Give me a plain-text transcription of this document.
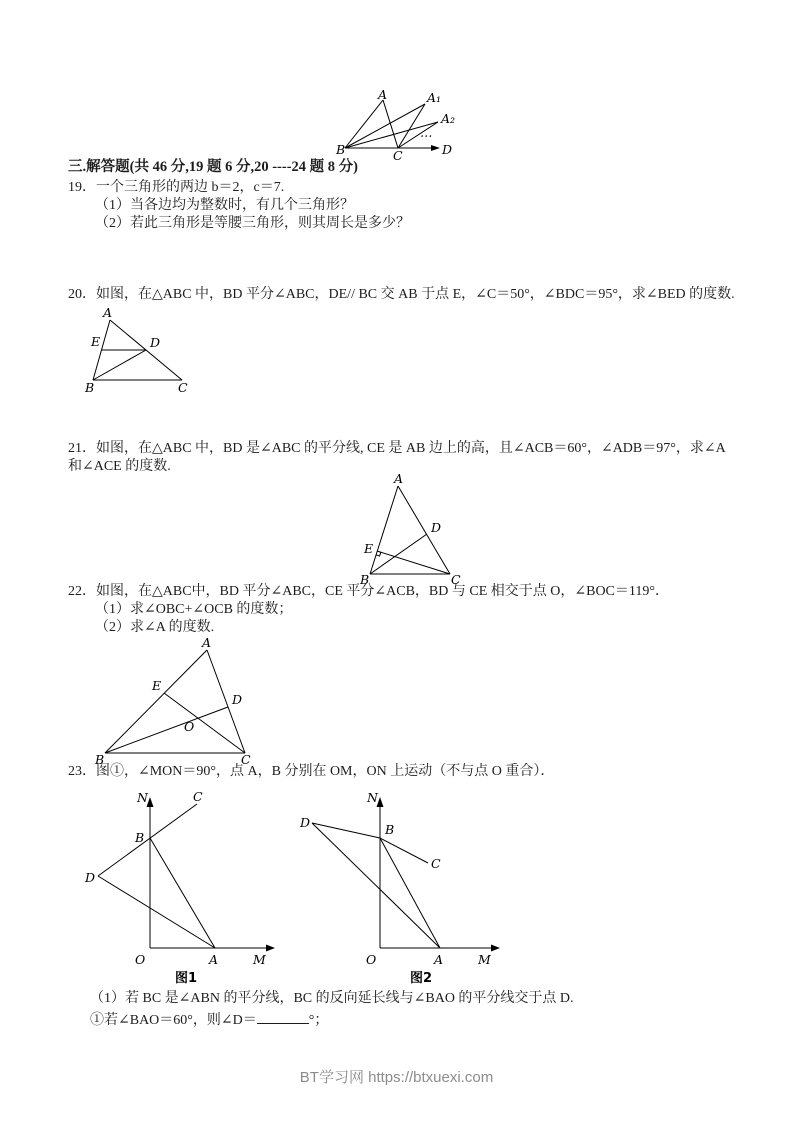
A	A₁
A₂
B	C	D
⋯
三.解答题(共 46 分,19 题 6 分,20 ----24 题 8 分)
19．一个三角形的两边 b＝2，c＝7.
（1）当各边均为整数时，有几个三角形？
（2）若此三角形是等腰三角形，则其周长是多少？
20．如图，在△ABC 中，BD 平分∠ABC，DE// BC 交 AB 于点 E，∠C＝50°，∠BDC＝95°，求∠BED 的度数.
A
E	D
B	C
21．如图，在△ABC 中，BD 是∠ABC 的平分线, CE 是 AB 边上的高，且∠ACB＝60°，∠ADB＝97°，求∠A
和∠ACE 的度数.
A
D
E
B	C
22．如图，在△ABC中，BD 平分∠ABC，CE 平分∠ACB，BD 与 CE 相交于点 O，∠BOC＝119°．
（1）求∠OBC+∠OCB 的度数；
（2）求∠A 的度数.
A
E
D
O
B	C
23．图①，∠MON＝90°，点 A，B 分别在 OM，ON 上运动（不与点 O 重合）．
N	C
B
D
O	A	M
图1
N
D	B
C
O	A	M
图2
（1）若 BC 是∠ABN 的平分线，BC 的反向延长线与∠BAO 的平分线交于点 D.
①若∠BAO＝60°，则∠D＝	°；
BT学习网 https://btxuexi.com
